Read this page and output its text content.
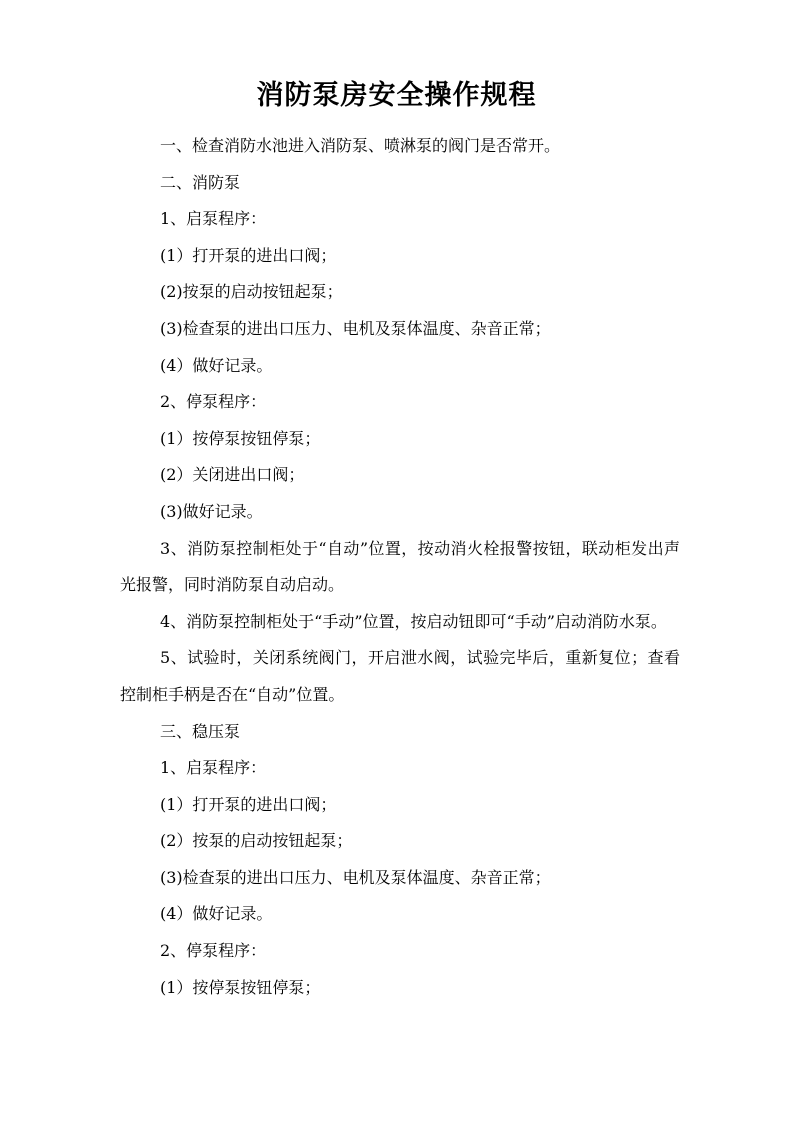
消防泵房安全操作规程

一、检查消防水池进入消防泵、喷淋泵的阀门是否常开。

二、消防泵

1、启泵程序：

(1）打开泵的进出口阀；

(2)按泵的启动按钮起泵；

(3)检查泵的进出口压力、电机及泵体温度、杂音正常；

(4）做好记录。

2、停泵程序：

(1）按停泵按钮停泵；

(2）关闭进出口阀；

(3)做好记录。

3、消防泵控制柜处于“自动”位置，按动消火栓报警按钮，联动柜发出声 光报警，同时消防泵自动启动。

4、消防泵控制柜处于“手动”位置，按启动钮即可“手动”启动消防水泵。

5、试验时，关闭系统阀门，开启泄水阀，试验完毕后，重新复位；查看控制柜手柄是否在“自动”位置。

三、稳压泵

1、启泵程序：

(1）打开泵的进出口阀；

(2）按泵的启动按钮起泵；

(3)检查泵的进出口压力、电机及泵体温度、杂音正常；

(4）做好记录。

2、停泵程序：

(1）按停泵按钮停泵；
